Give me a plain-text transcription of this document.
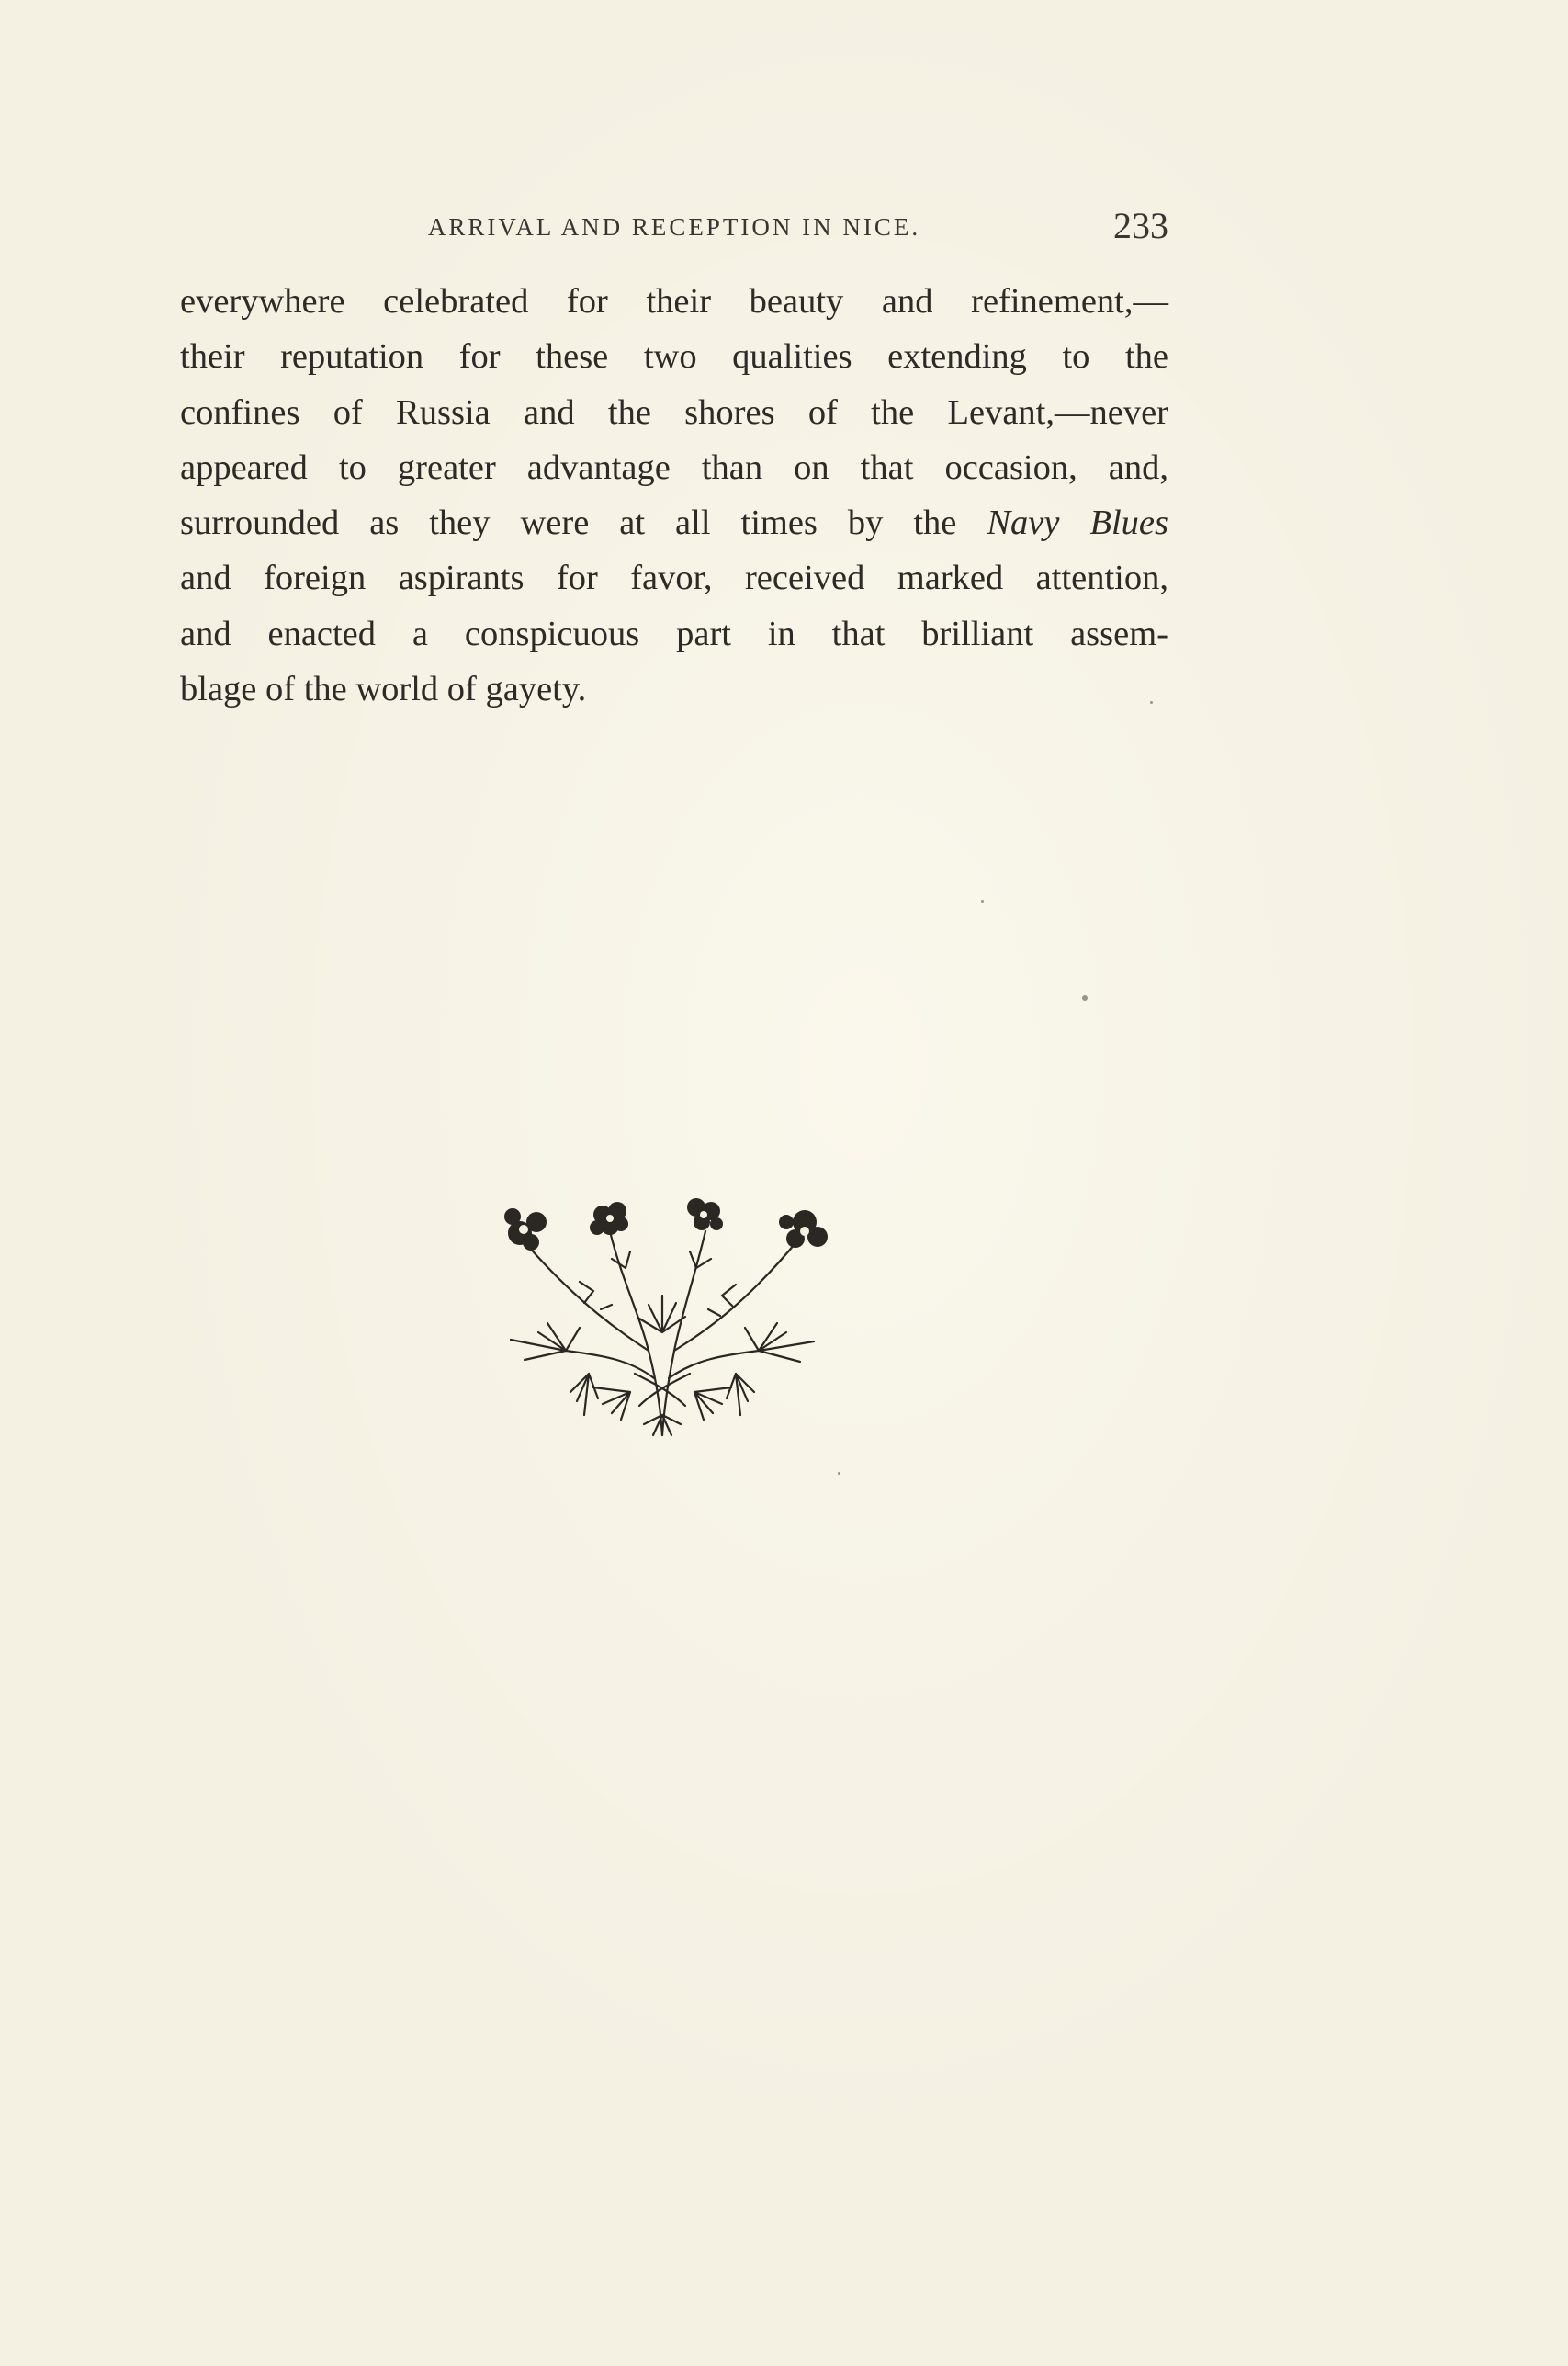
ARRIVAL AND RECEPTION IN NICE.	233
everywhere celebrated for their beauty and refinement,—
their reputation for these two qualities extending to the
confines of Russia and the shores of the Levant,—never
appeared to greater advantage than on that occasion, and,
surrounded as they were at all times by the Navy Blues
and foreign aspirants for favor, received marked attention,
and enacted a conspicuous part in that brilliant assem-
blage of the world of gayety.
